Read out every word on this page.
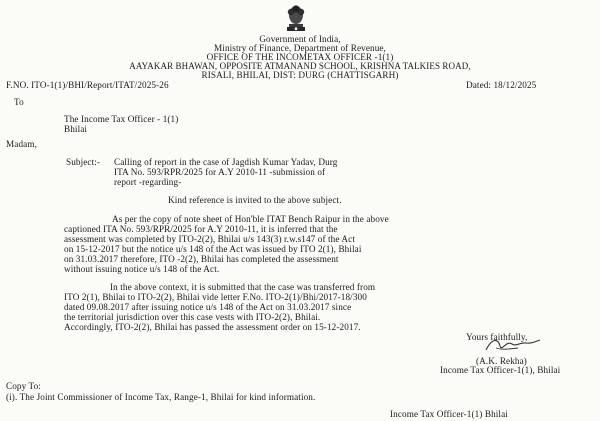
Government of India,
Ministry of Finance, Department of Revenue,
OFFICE OF THE INCOMETAX OFFICER -1(1)
AAYAKAR BHAWAN, OPPOSITE ATMANAND SCHOOL, KRISHNA TALKIES ROAD,
RISALI, BHILAI, DIST: DURG (CHATTISGARH)
F.NO. ITO-1(1)/BHI/Report/ITAT/2025-26	Dated: 18/12/2025
To
The Income Tax Officer - 1(1)
Bhilai
Madam,
Subject:- Calling of report in the case of Jagdish Kumar Yadav, Durg
ITA No. 593/RPR/2025 for A.Y 2010-11 -submission of
report -regarding-
Kind reference is invited to the above subject.
As per the copy of note sheet of Hon'ble ITAT Bench Raipur in the above
captioned ITA No. 593/RPR/2025 for A.Y 2010-11, it is inferred that the
assessment was completed by ITO-2(2), Bhilai u/s 143(3) r.w.s147 of the Act
on 15-12-2017 but the notice u/s 148 of the Act was issued by ITO 2(1), Bhilai
on 31.03.2017 therefore, ITO -2(2), Bhilai has completed the assessment
without issuing notice u/s 148 of the Act.
In the above context, it is submitted that the case was transferred from
ITO 2(1), Bhilai to ITO-2(2), Bhilai vide letter F.No. ITO-2(1)/Bhi/2017-18/300
dated 09.08.2017 after issuing notice u/s 148 of the Act on 31.03.2017 since
the territorial jurisdiction over this case vests with ITO-2(2), Bhilai.
Accordingly, ITO-2(2), Bhilai has passed the assessment order on 15-12-2017.
Yours faithfully,
(A.K. Rekha)
Income Tax Officer-1(1), Bhilai
Copy To:
(i). The Joint Commissioner of Income Tax, Range-1, Bhilai for kind information.
Income Tax Officer-1(1) Bhilai
